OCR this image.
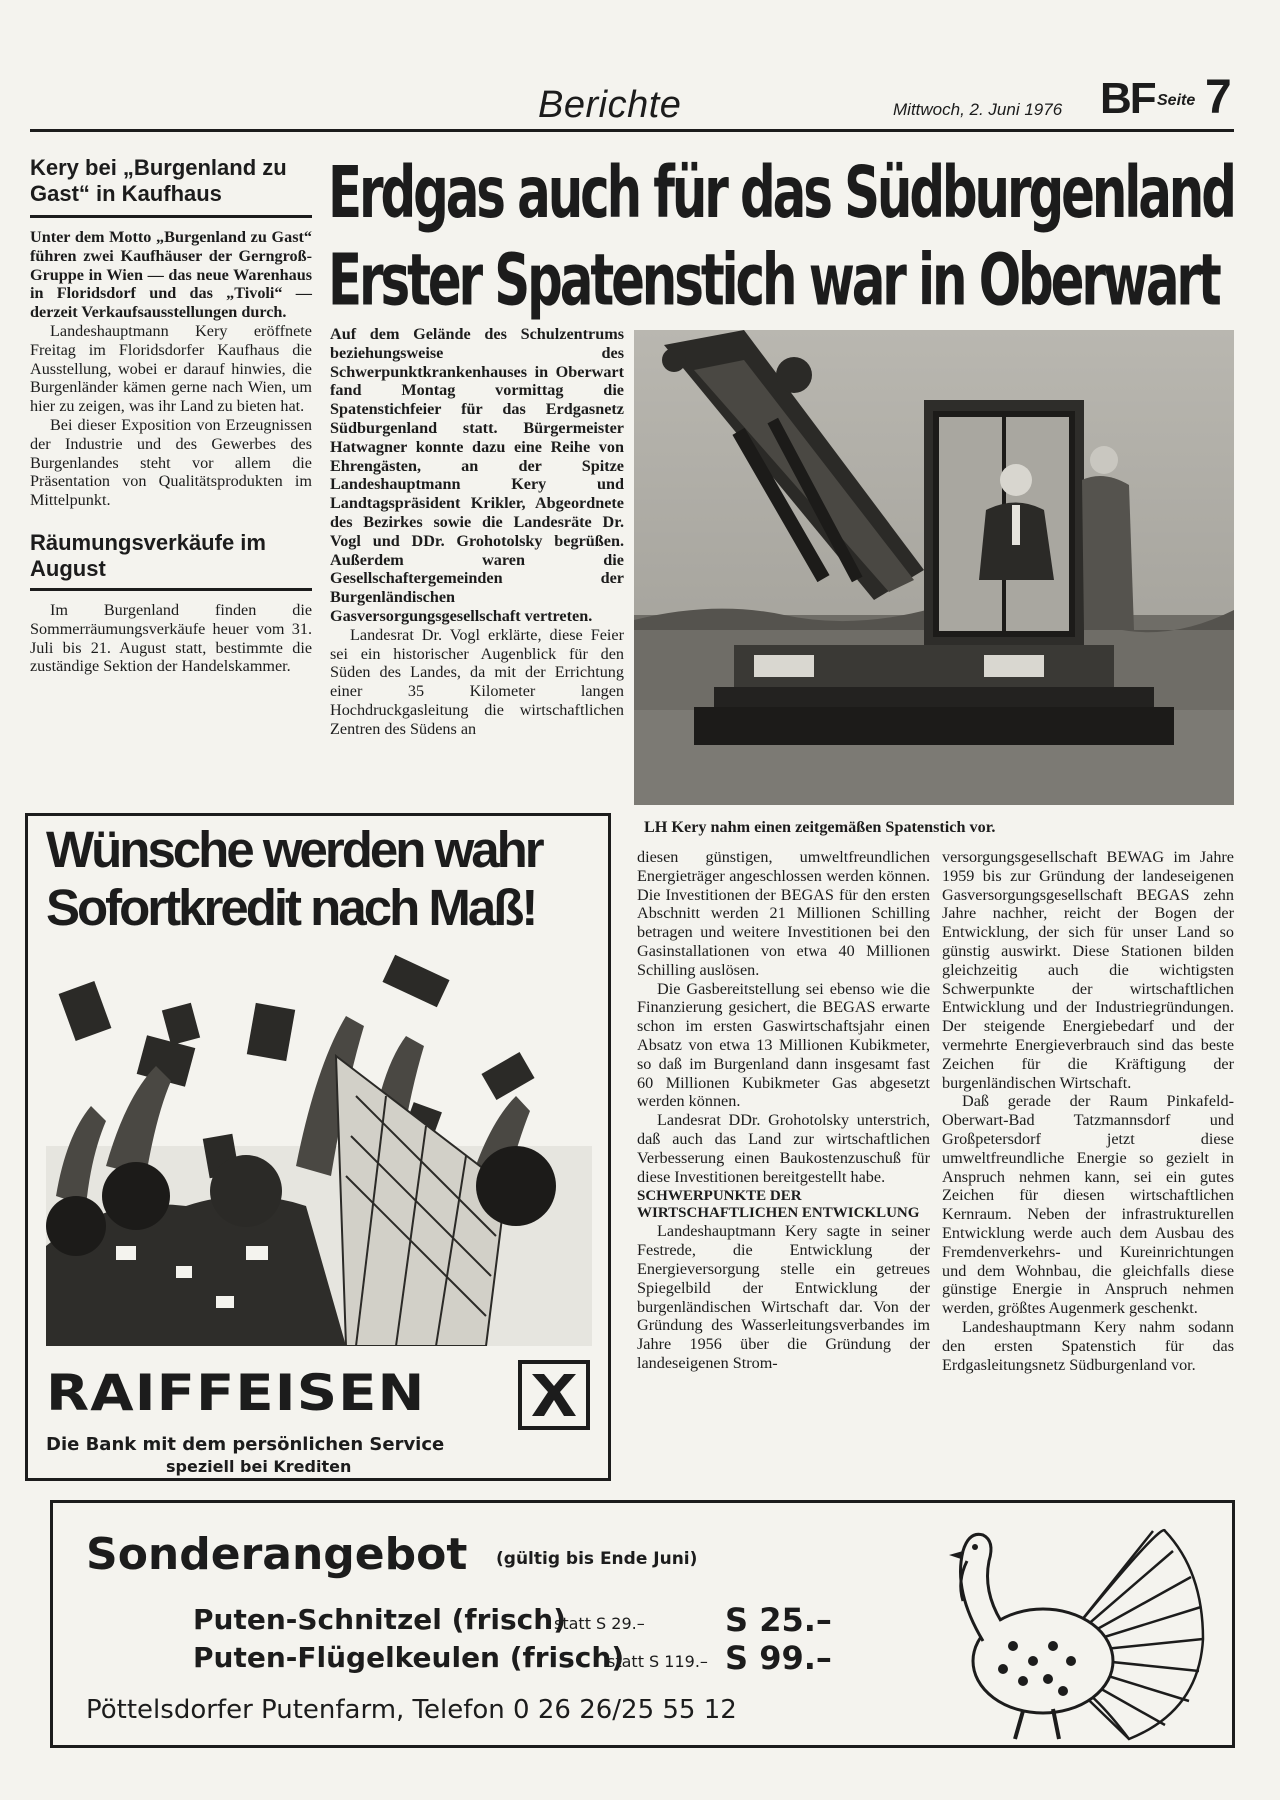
Berichte	Mittwoch, 2. Juni 1976 BF Seite 7
Kery bei „Burgenland zu Gast“ in Kaufhaus

Unter dem Motto „Burgenland zu Gast“ führen zwei Kaufhäuser der Gerngroß-Gruppe in Wien — das neue Warenhaus in Floridsdorf und das „Tivoli“ — derzeit Verkaufsausstellungen durch.

Landeshauptmann Kery eröffnete Freitag im Floridsdorfer Kaufhaus die Ausstellung, wobei er darauf hinwies, die Burgenländer kämen gerne nach Wien, um hier zu zeigen, was ihr Land zu bieten hat.

Bei dieser Exposition von Erzeugnissen der Industrie und des Gewerbes des Burgenlandes steht vor allem die Präsentation von Qualitätsprodukten im Mittelpunkt.

Räumungsverkäufe im August

Im Burgenland finden die Sommerräumungsverkäufe heuer vom 31. Juli bis 21. August statt, bestimmte die zuständige Sektion der Handelskammer.

Erdgas auch für das Südburgenland
Erster Spatenstich war in Oberwart

Auf dem Gelände des Schulzentrums beziehungsweise des Schwerpunktkrankenhauses in Oberwart fand Montag vormittag die Spatenstichfeier für das Erdgasnetz Südburgenland statt. Bürgermeister Hatwagner konnte dazu eine Reihe von Ehrengästen, an der Spitze Landeshauptmann Kery und Landtagspräsident Krikler, Abgeordnete des Bezirkes sowie die Landesräte Dr. Vogl und DDr. Grohotolsky begrüßen. Außerdem waren die Gesellschaftergemeinden der Burgenländischen Gasversorgungsgesellschaft vertreten.

Landesrat Dr. Vogl erklärte, diese Feier sei ein historischer Augenblick für den Süden des Landes, da mit der Errichtung einer 35 Kilometer langen Hochdruckgasleitung die wirtschaftlichen Zentren des Südens an

LH Kery nahm einen zeitgemäßen Spatenstich vor.

diesen günstigen, umweltfreundlichen Energieträger angeschlossen werden können. Die Investitionen der BEGAS für den ersten Abschnitt werden 21 Millionen Schilling betragen und weitere Investitionen bei den Gasinstallationen von etwa 40 Millionen Schilling auslösen.

Die Gasbereitstellung sei ebenso wie die Finanzierung gesichert, die BEGAS erwarte schon im ersten Gaswirtschaftsjahr einen Absatz von etwa 13 Millionen Kubikmeter, so daß im Burgenland dann insgesamt fast 60 Millionen Kubikmeter Gas abgesetzt werden können.

Landesrat DDr. Grohotolsky unterstrich, daß auch das Land zur wirtschaftlichen Verbesserung einen Baukostenzuschuß für diese Investitionen bereitgestellt habe.

SCHWERPUNKTE DER WIRTSCHAFTLICHEN ENTWICKLUNG

Landeshauptmann Kery sagte in seiner Festrede, die Entwicklung der Energieversorgung stelle ein getreues Spiegelbild der Entwicklung der burgenländischen Wirtschaft dar. Von der Gründung des Wasserleitungsverbandes im Jahre 1956 über die Gründung der landeseigenen Strom-

versorgungsgesellschaft BEWAG im Jahre 1959 bis zur Gründung der landeseigenen Gasversorgungsgesellschaft BEGAS zehn Jahre nachher, reicht der Bogen der Entwicklung, der sich für unser Land so günstig auswirkt. Diese Stationen bilden gleichzeitig auch die wichtigsten Schwerpunkte der wirtschaftlichen Entwicklung und der Industriegründungen. Der steigende Energiebedarf und der vermehrte Energieverbrauch sind das beste Zeichen für die Kräftigung der burgenländischen Wirtschaft.

Daß gerade der Raum Pinkafeld-Oberwart-Bad Tatzmannsdorf und Großpetersdorf jetzt diese umweltfreundliche Energie so gezielt in Anspruch nehmen kann, sei ein gutes Zeichen für diesen wirtschaftlichen Kernraum. Neben der infrastrukturellen Entwicklung werde auch dem Ausbau des Fremdenverkehrs- und Kureinrichtungen und dem Wohnbau, die gleichfalls diese günstige Energie in Anspruch nehmen werden, größtes Augenmerk geschenkt.

Landeshauptmann Kery nahm sodann den ersten Spatenstich für das Erdgasleitungsnetz Südburgenland vor.

Wünsche werden wahr
Sofortkredit nach Maß!
RAIFFEISEN
Die Bank mit dem persönlichen Service
speziell bei Krediten
Sonderangebot (gültig bis Ende Juni)
Puten-Schnitzel (frisch)
statt S 29.–	S 25.–
Puten-Flügelkeulen (frisch)
statt S 119.– S 99.–
Pöttelsdorfer Putenfarm, Telefon 0 26 26/25 55 12
